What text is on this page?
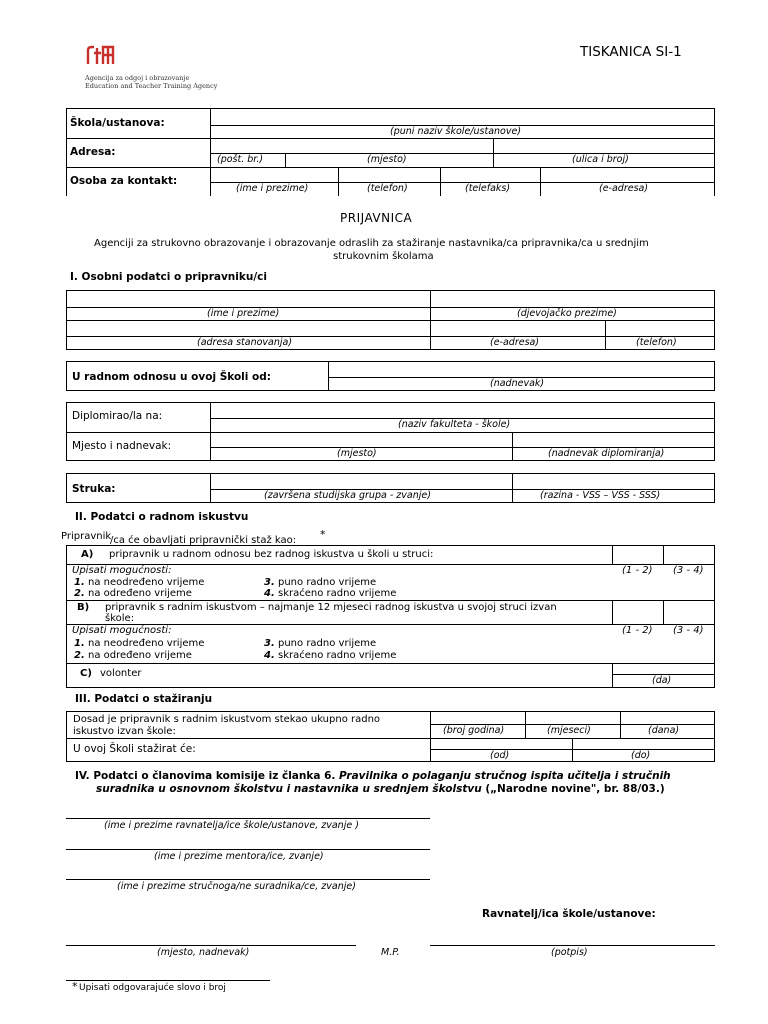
Agencija za odgoj i obrazovanje
Education and Teacher Training Agency
TISKANICA SI-1
Škola/ustanova:
(puni naziv škole/ustanove)
Adresa:
(pošt. br.)	(mjesto)	(ulica i broj)
Osoba za kontakt:
(ime i prezime)	(telefon)	(telefaks)	(e-adresa)
PRIJAVNICA
Agenciji za strukovno obrazovanje i obrazovanje odraslih za stažiranje nastavnika/ca pripravnika/ca u srednjim
strukovnim školama
I. Osobni podatci o pripravniku/ci
(ime i prezime)	(djevojačko prezime)
(adresa stanovanja)	(e-adresa)	(telefon)
U radnom odnosu u ovoj Školi od:
(nadnevak)
Diplomirao/la na:
(naziv fakulteta - škole)
Mjesto i nadnevak:
(mjesto)	(nadnevak diplomiranja)
Struka:
(završena studijska grupa - zvanje)	(razina - VSS – VŠS - SSS)
II. Podatci o radnom iskustvu
Pripravnik
/ca će obavljati pripravnički staž kao: *
A) pripravnik u radnom odnosu bez radnog iskustva u školi u struci:
Upisati mogućnosti:	(1 - 2) (3 - 4)
1. na neodređeno vrijeme
2. na određeno vrijeme
3. puno radno vrijeme
4. skraćeno radno vrijeme
B) pripravnik s radnim iskustvom – najmanje 12 mjeseci radnog iskustva u svojoj struci izvan
škole:
Upisati mogućnosti:	(1 - 2) (3 - 4)
1. na neodređeno vrijeme
2. na određeno vrijeme
3. puno radno vrijeme
4. skraćeno radno vrijeme
C) volonter
(da)
III. Podatci o stažiranju
Dosad je pripravnik s radnim iskustvom stekao ukupno radno
iskustvo izvan škole:	(broj godina)	(mjeseci)	(dana)
U ovoj Školi stažirat će:
(od)	(do)
IV. Podatci o članovima komisije iz članka 6. Pravilnika o polaganju stručnog ispita učitelja i stručnih
suradnika u osnovnom školstvu i nastavnika u srednjem školstvu („Narodne novine", br. 88/03.)
(ime i prezime ravnatelja/ice škole/ustanove, zvanje )
(ime i prezime mentora/ice, zvanje)
(ime i prezime stručnoga/ne suradnika/ce, zvanje)
Ravnatelj/ica škole/ustanove:
(mjesto, nadnevak)	M.P.	(potpis)
* Upisati odgovarajuće slovo i broj
